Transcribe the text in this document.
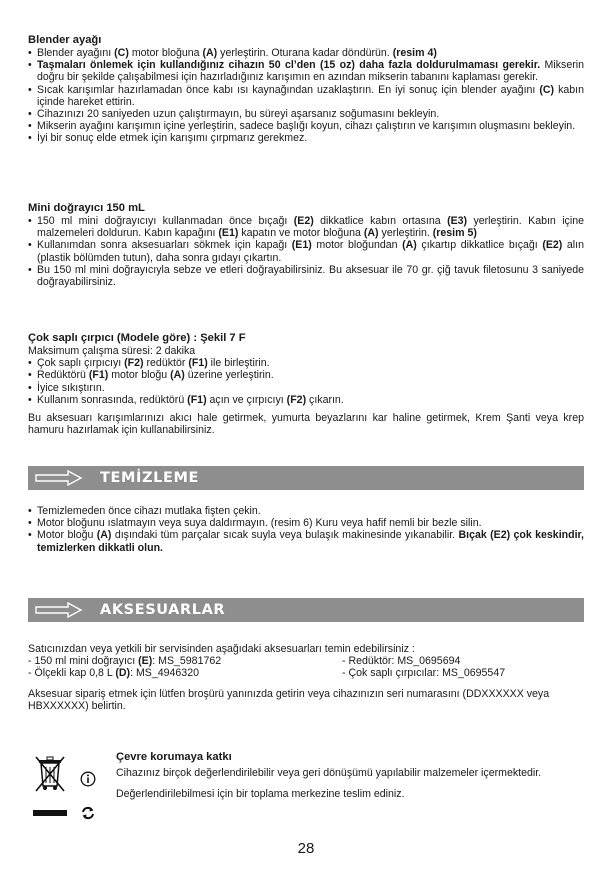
Blender ayağı

• Blender ayağını (C) motor bloğuna (A) yerleştirin. Oturana kadar döndürün. (resim 4)

• Taşmaları önlemek için kullandığınız cihazın 50 cl’den (15 oz) daha fazla doldurulmaması gerekir. Mikserin doğru bir şekilde çalışabilmesi için hazırladığınız karışımın en azından mikserin tabanını kaplaması gerekir.

• Sıcak karışımlar hazırlamadan önce kabı ısı kaynağından uzaklaştırın. En iyi sonuç için blender ayağını (C) kabın içinde hareket ettirin.

• Cihazınızı 20 saniyeden uzun çalıştırmayın, bu süreyi aşarsanız soğumasını bekleyin.

• Mikserin ayağını karışımın içine yerleştirin, sadece başlığı koyun, cihazı çalıştırın ve karışımın oluşmasını bekleyin.

• İyi bir sonuç elde etmek için karışımı çırpmarız gerekmez.

Mini doğrayıcı 150 mL

• 150 ml mini doğrayıcıyı kullanmadan önce bıçağı (E2) dikkatlice kabın ortasına (E3) yerleştirin. Kabın içine malzemeleri doldurun. Kabın kapağını (E1) kapatın ve motor bloğuna (A) yerleştirin. (resim 5)

• Kullanımdan sonra aksesuarları sökmek için kapağı (E1) motor bloğundan (A) çıkartıp dikkatlice bıçağı (E2) alın (plastik bölümden tutun), daha sonra gıdayı çıkartın.

• Bu 150 ml mini doğrayıcıyla sebze ve etleri doğrayabilirsiniz. Bu aksesuar ile 70 gr. çiğ tavuk filetosunu 3 saniyede doğrayabilirsiniz.

Çok saplı çırpıcı (Modele göre) : Şekil 7 F

Maksimum çalışma süresi: 2 dakika

• Çok saplı çırpıcıyı (F2) redüktör (F1) ile birleştirin.

• Redüktörü (F1) motor bloğu (A) üzerine yerleştirin.

• İyice sıkıştırın.

• Kullanım sonrasında, redüktörü (F1) açın ve çırpıcıyı (F2) çıkarın.

Bu aksesuarı karışımlarınızı akıcı hale getirmek, yumurta beyazlarını kar haline getirmek, Krem Şanti veya krep hamuru hazırlamak için kullanabilirsiniz.

TEMİZLEME

• Temizlemeden önce cihazı mutlaka fişten çekin.

• Motor bloğunu ıslatmayın veya suya daldırmayın. (resim 6) Kuru veya hafif nemli bir bezle silin.

• Motor bloğu (A) dışındaki tüm parçalar sıcak suyla veya bulaşık makinesinde yıkanabilir. Bıçak (E2) çok keskindir, temizlerken dikkatli olun.

AKSESUARLAR

Satıcınızdan veya yetkili bir servisinden aşağıdaki aksesuarları temin edebilirsiniz :

- 150 ml mini doğrayıcı (E): MS_5981762	- Redüktör: MS_0695694
- Ölçekli kap 0,8 L (D): MS_4946320	- Çok saplı çırpıcılar: MS_0695547

Aksesuar sipariş etmek için lütfen broşürü yanınızda getirin veya cihazınızın seri numarasını (DDXXXXXX veya HBXXXXXX) belirtin.

Çevre korumaya katkı

Cihazınız birçok değerlendirilebilir veya geri dönüşümü yapılabilir malzemeler içermektedir.

Değerlendirilebilmesi için bir toplama merkezine teslim ediniz.

28
